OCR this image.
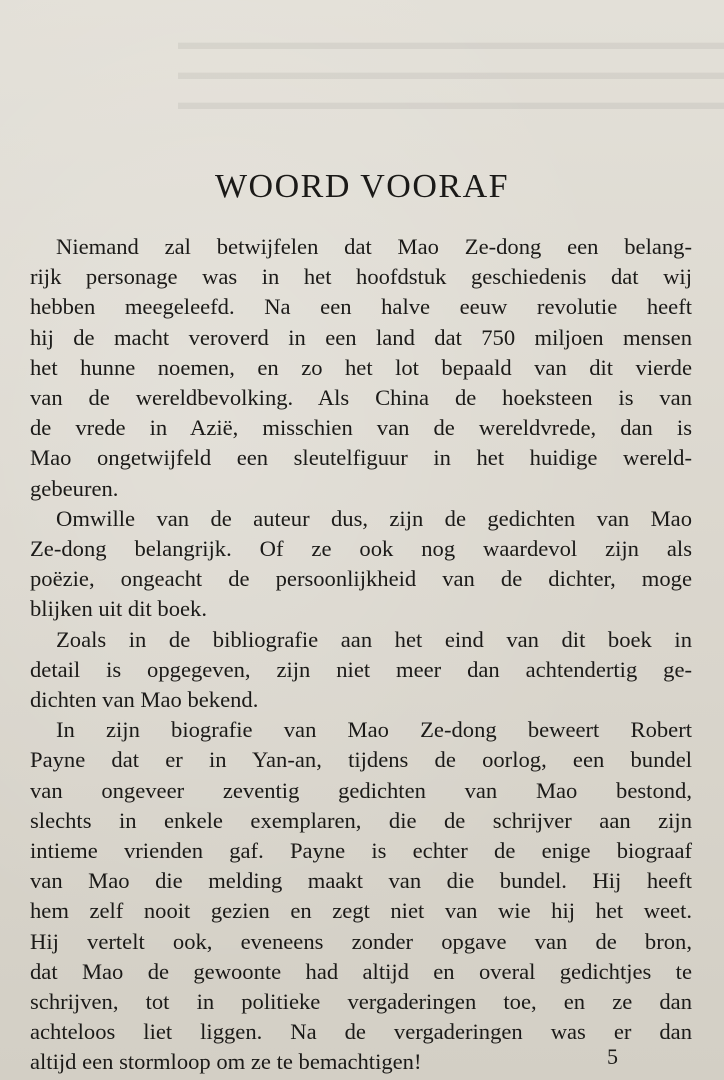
▬▬▬▬▬▬▬▬▬▬▬▬▬▬▬▬▬▬▬▬▬▬▬▬▬▬
▬▬▬▬▬▬▬▬▬▬▬▬▬▬▬▬▬▬▬▬▬▬▬▬▬▬
▬▬▬▬▬▬▬▬▬▬▬▬▬▬▬▬▬▬▬▬▬▬▬▬▬▬
WOORD VOORAF

Niemand zal betwijfelen dat Mao Ze-dong een belang-
rijk personage was in het hoofdstuk geschiedenis dat wij
hebben meegeleefd. Na een halve eeuw revolutie heeft
hij de macht veroverd in een land dat 750 miljoen mensen
het hunne noemen, en zo het lot bepaald van dit vierde
van de wereldbevolking. Als China de hoeksteen is van
de vrede in Azië, misschien van de wereldvrede, dan is
Mao ongetwijfeld een sleutelfiguur in het huidige wereld-
gebeuren.

Omwille van de auteur dus, zijn de gedichten van Mao
Ze-dong belangrijk. Of ze ook nog waardevol zijn als
poëzie, ongeacht de persoonlijkheid van de dichter, moge
blijken uit dit boek.

Zoals in de bibliografie aan het eind van dit boek in
detail is opgegeven, zijn niet meer dan achtendertig ge-
dichten van Mao bekend.

In zijn biografie van Mao Ze-dong beweert Robert
Payne dat er in Yan-an, tijdens de oorlog, een bundel
van ongeveer zeventig gedichten van Mao bestond,
slechts in enkele exemplaren, die de schrijver aan zijn
intieme vrienden gaf. Payne is echter de enige biograaf
van Mao die melding maakt van die bundel. Hij heeft
hem zelf nooit gezien en zegt niet van wie hij het weet.
Hij vertelt ook, eveneens zonder opgave van de bron,
dat Mao de gewoonte had altijd en overal gedichtjes te
schrijven, tot in politieke vergaderingen toe, en ze dan
achteloos liet liggen. Na de vergaderingen was er dan
altijd een stormloop om ze te bemachtigen!	5
